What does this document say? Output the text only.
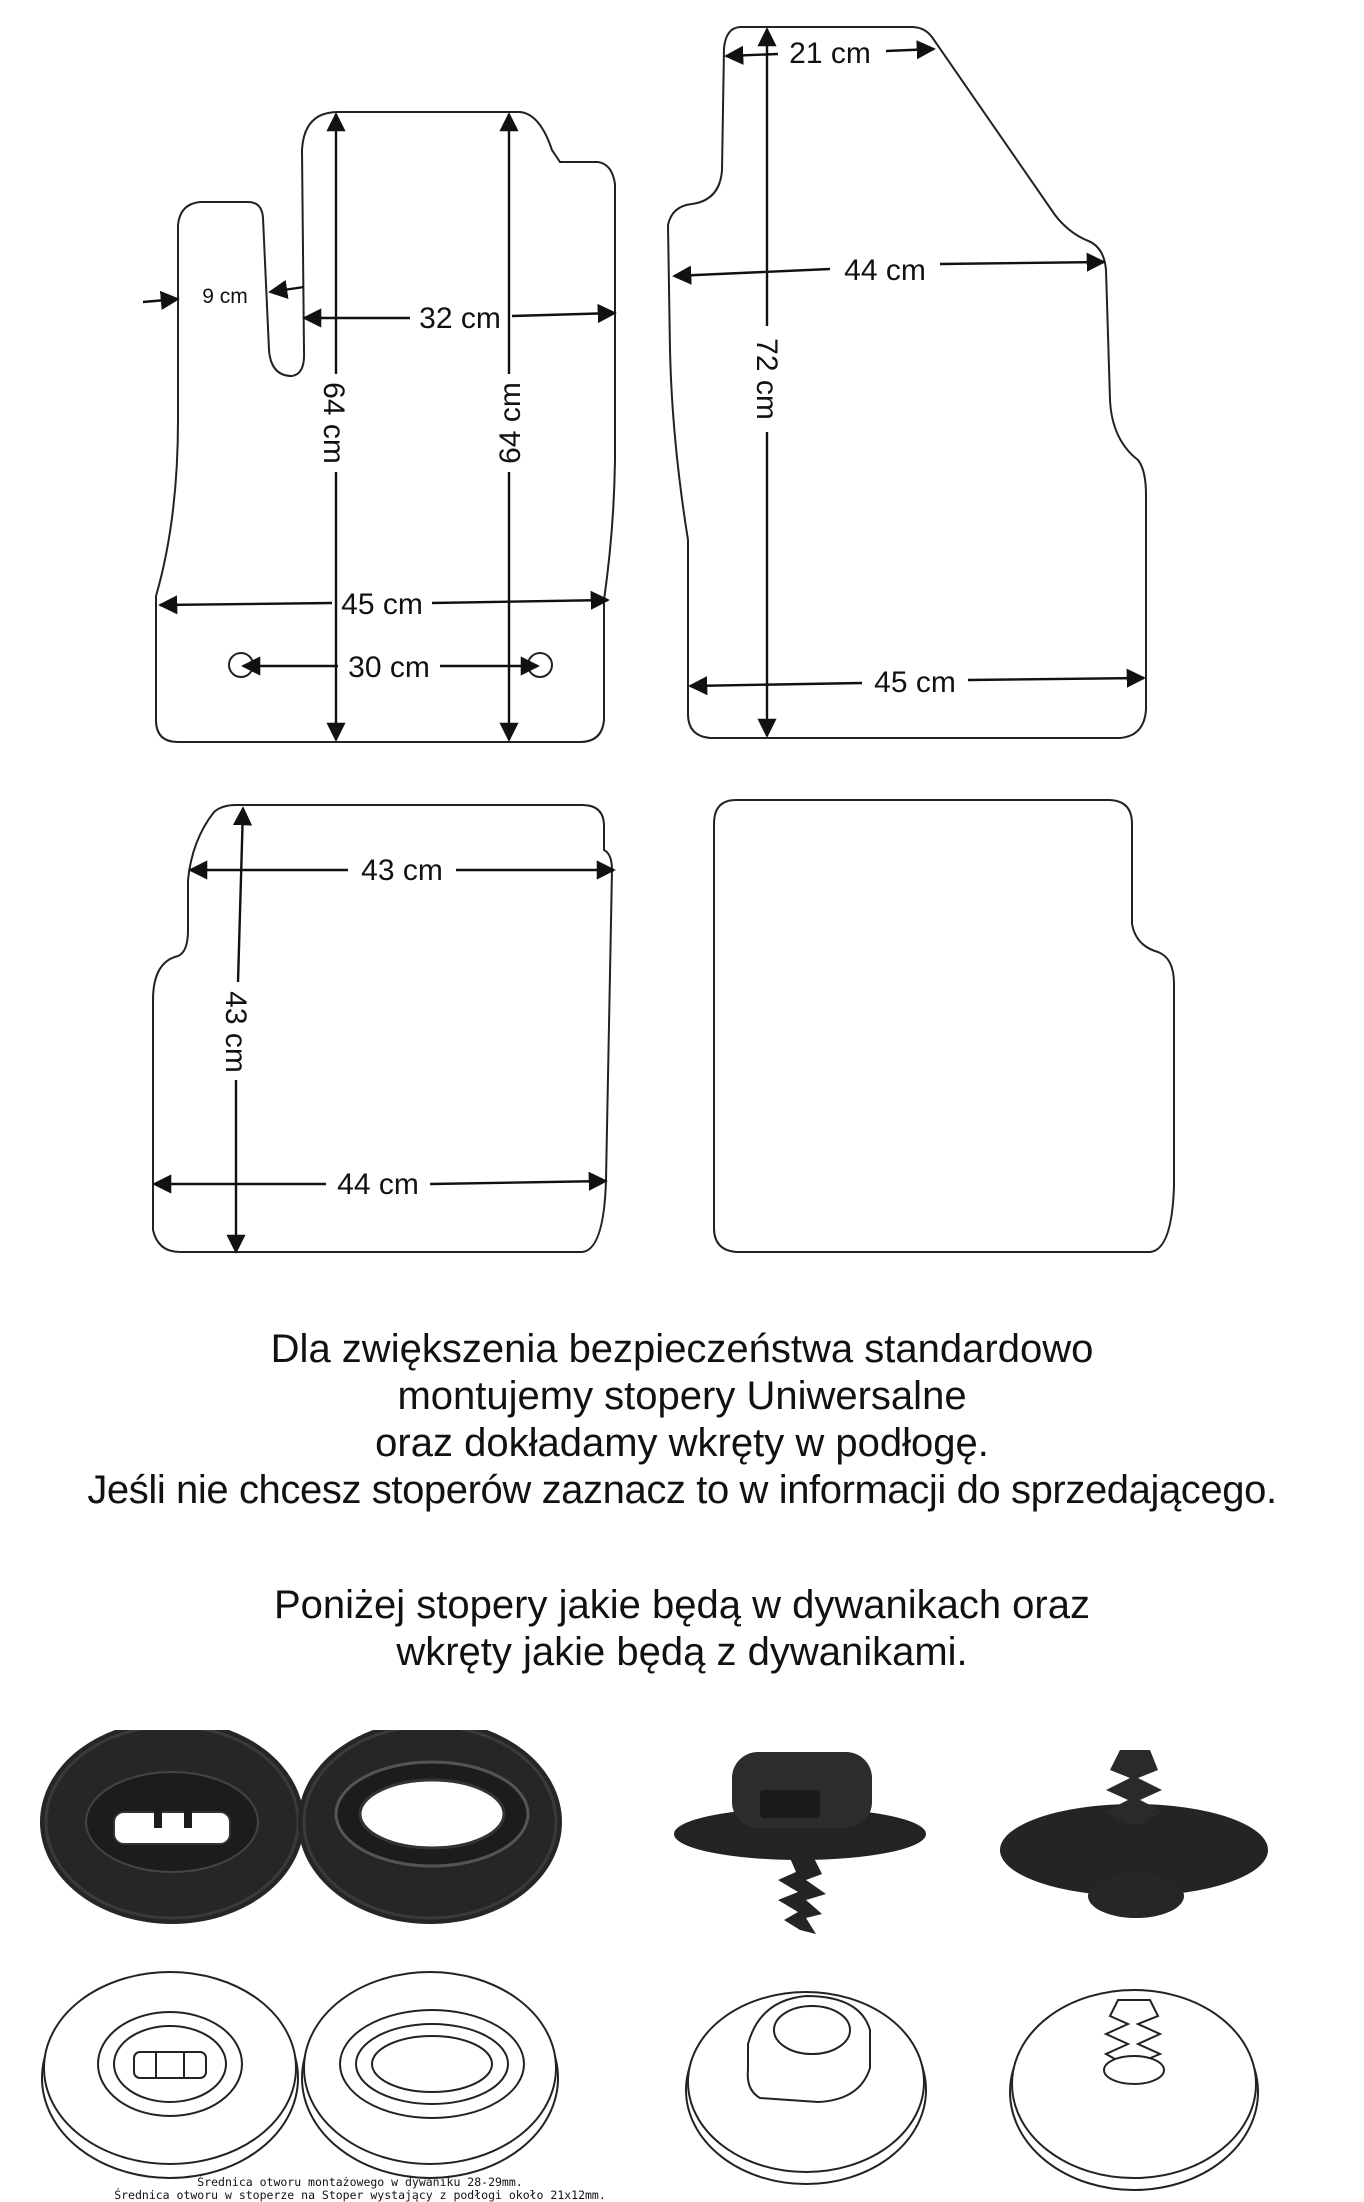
9 cm
32 cm
64 cm	64 cm
45 cm
30 cm
21 cm
44 cm
72 cm
45 cm
43 cm
43 cm
44 cm
Dla zwiększenia bezpieczeństwa standardowo
montujemy stopery Uniwersalne
oraz dokładamy wkręty w podłogę.
Jeśli nie chcesz stoperów zaznacz to w informacji do sprzedającego.
Poniżej stopery jakie będą w dywanikach oraz
wkręty jakie będą z dywanikami.
Średnica otworu montażowego w dywaniku 28-29mm.
Średnica otworu w stoperze na Stoper wystający z podłogi około 21x12mm.
